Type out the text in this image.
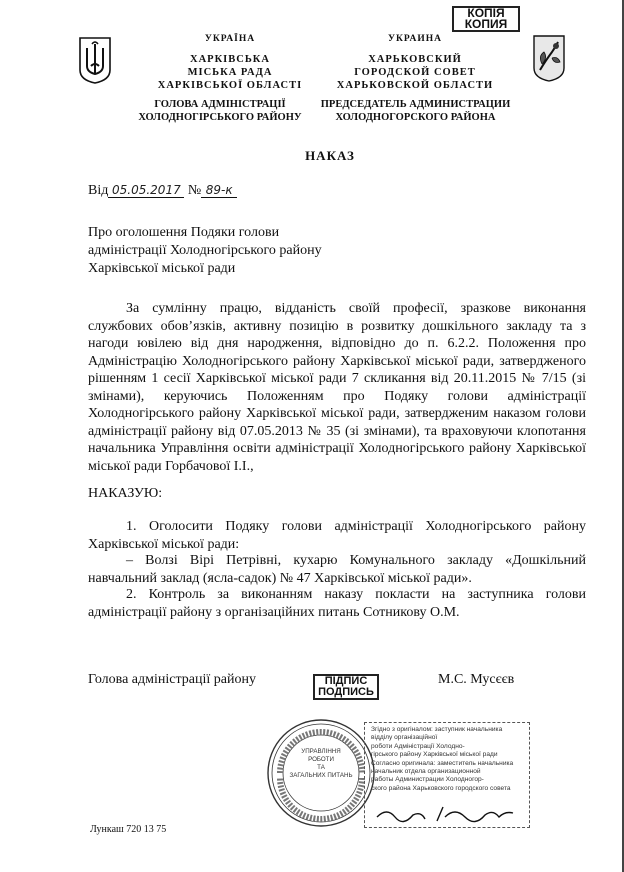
КОПІЯ
КОПИЯ
УКРАЇНА
ХАРКІВСЬКА
МІСЬКА РАДА
ХАРКІВСЬКОЇ ОБЛАСТІ
ГОЛОВА АДМІНІСТРАЦІЇ
ХОЛОДНОГІРСЬКОГО РАЙОНУ
УКРАИНА
ХАРЬКОВСКИЙ
ГОРОДСКОЙ СОВЕТ
ХАРЬКОВСКОЙ ОБЛАСТИ
ПРЕДСЕДАТЕЛЬ АДМИНИСТРАЦИИ
ХОЛОДНОГОРСКОГО РАЙОНА
НАКАЗ
Від 05.05.2017 № 89-к
Про оголошення Подяки голови
адміністрації Холодногірського району
Харківської міської ради
За сумлінну працю, відданість своїй професії, зразкове виконання службових обов’язків, активну позицію в розвитку дошкільного закладу та з нагоди ювілею від дня народження, відповідно до п. 6.2.2. Положення про Адміністрацію Холодногірського району Харківської міської ради, затвердженого рішенням 1 сесії Харківської міської ради 7 скликання від 20.11.2015 № 7/15 (зі змінами), керуючись Положенням про Подяку голови адміністрації Холодногірського району Харківської міської ради, затвердженим наказом голови адміністрації району від 07.05.2013 № 35 (зі змінами), та враховуючи клопотання начальника Управління освіти адміністрації Холодногірського району Харківської міської ради Горбачової І.І.,
НАКАЗУЮ:
1. Оголосити Подяку голови адміністрації Холодногірського району Харківської міської ради:
– Волзі Вірі Петрівні, кухарю Комунального закладу «Дошкільний навчальний заклад (ясла-садок) № 47 Харківської міської ради».
2. Контроль за виконанням наказу покласти на заступника голови адміністрації району з організаційних питань Сотникову О.М.
Голова адміністрації району	ПІДПИС
ПОДПИСЬ
М.С. Мусєєв
УПРАВЛІННЯ
РОБОТИ
ТА
ЗАГАЛЬНИХ ПИТАНЬ
Згідно з оригіналом: заступник начальника
відділу організаційної
роботи Адміністрації Холодно-
гірського району Харківської міської ради
Согласно оригинала: заместитель начальника
начальник отдела организационной
работы Администрации Холодногор-
ского района Харьковского городского совета
Лункаш 720 13 75
